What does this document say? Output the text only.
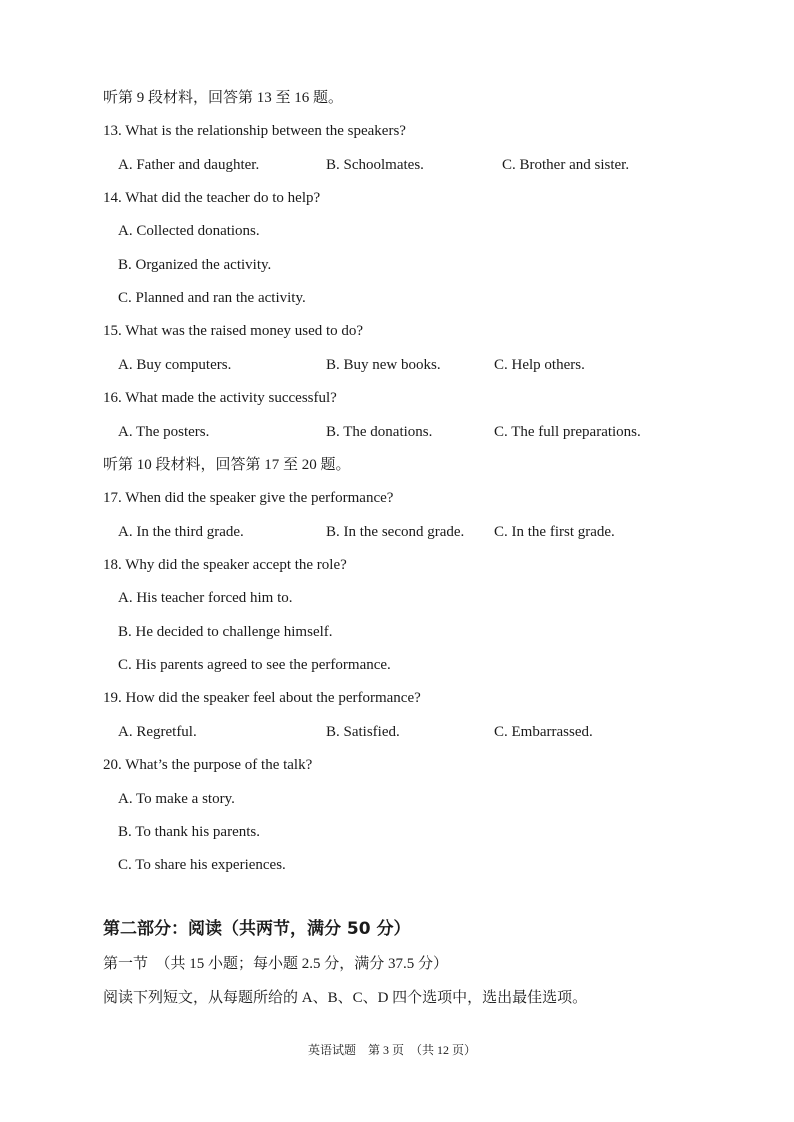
听第 9 段材料，回答第 13 至 16 题。
13. What is the relationship between the speakers?
A. Father and daughter.	B. Schoolmates.	C. Brother and sister.
14. What did the teacher do to help?
A. Collected donations.
B. Organized the activity.
C. Planned and ran the activity.
15. What was the raised money used to do?
A. Buy computers.	B. Buy new books.	C. Help others.
16. What made the activity successful?
A. The posters.	B. The donations.	C. The full preparations.
听第 10 段材料，回答第 17 至 20 题。
17. When did the speaker give the performance?
A. In the third grade.	B. In the second grade. C. In the first grade.
18. Why did the speaker accept the role?
A. His teacher forced him to.
B. He decided to challenge himself.
C. His parents agreed to see the performance.
19. How did the speaker feel about the performance?
A. Regretful.	B. Satisfied.	C. Embarrassed.
20. What’s the purpose of the talk?
A. To make a story.
B. To thank his parents.
C. To share his experiences.
第二部分：阅读（共两节，满分 50 分）
第一节　（共 15 小题；每小题 2.5 分，满分 37.5 分）
阅读下列短文，从每题所给的 A、B、C、D 四个选项中，选出最佳选项。
英语试题　第 3 页　（共 12 页）
